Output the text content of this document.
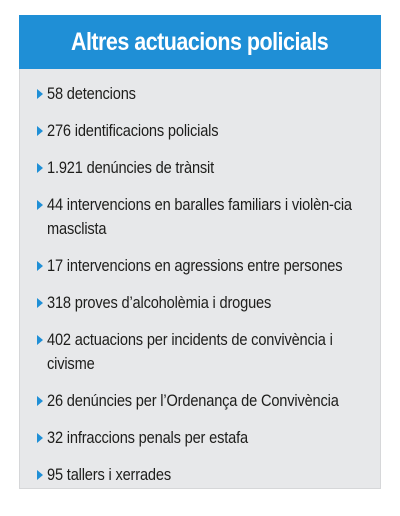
Altres actuacions policials
58 detencions
276 identificacions policials
1.921 denúncies de trànsit
44 intervencions en baralles familiars i violèn-cia masclista
17 intervencions en agressions entre persones
318 proves d’alcoholèmia i drogues
402 actuacions per incidents de convivència i civisme
26 denúncies per l’Ordenança de Convivència
32 infraccions penals per estafa
95 tallers i xerrades
